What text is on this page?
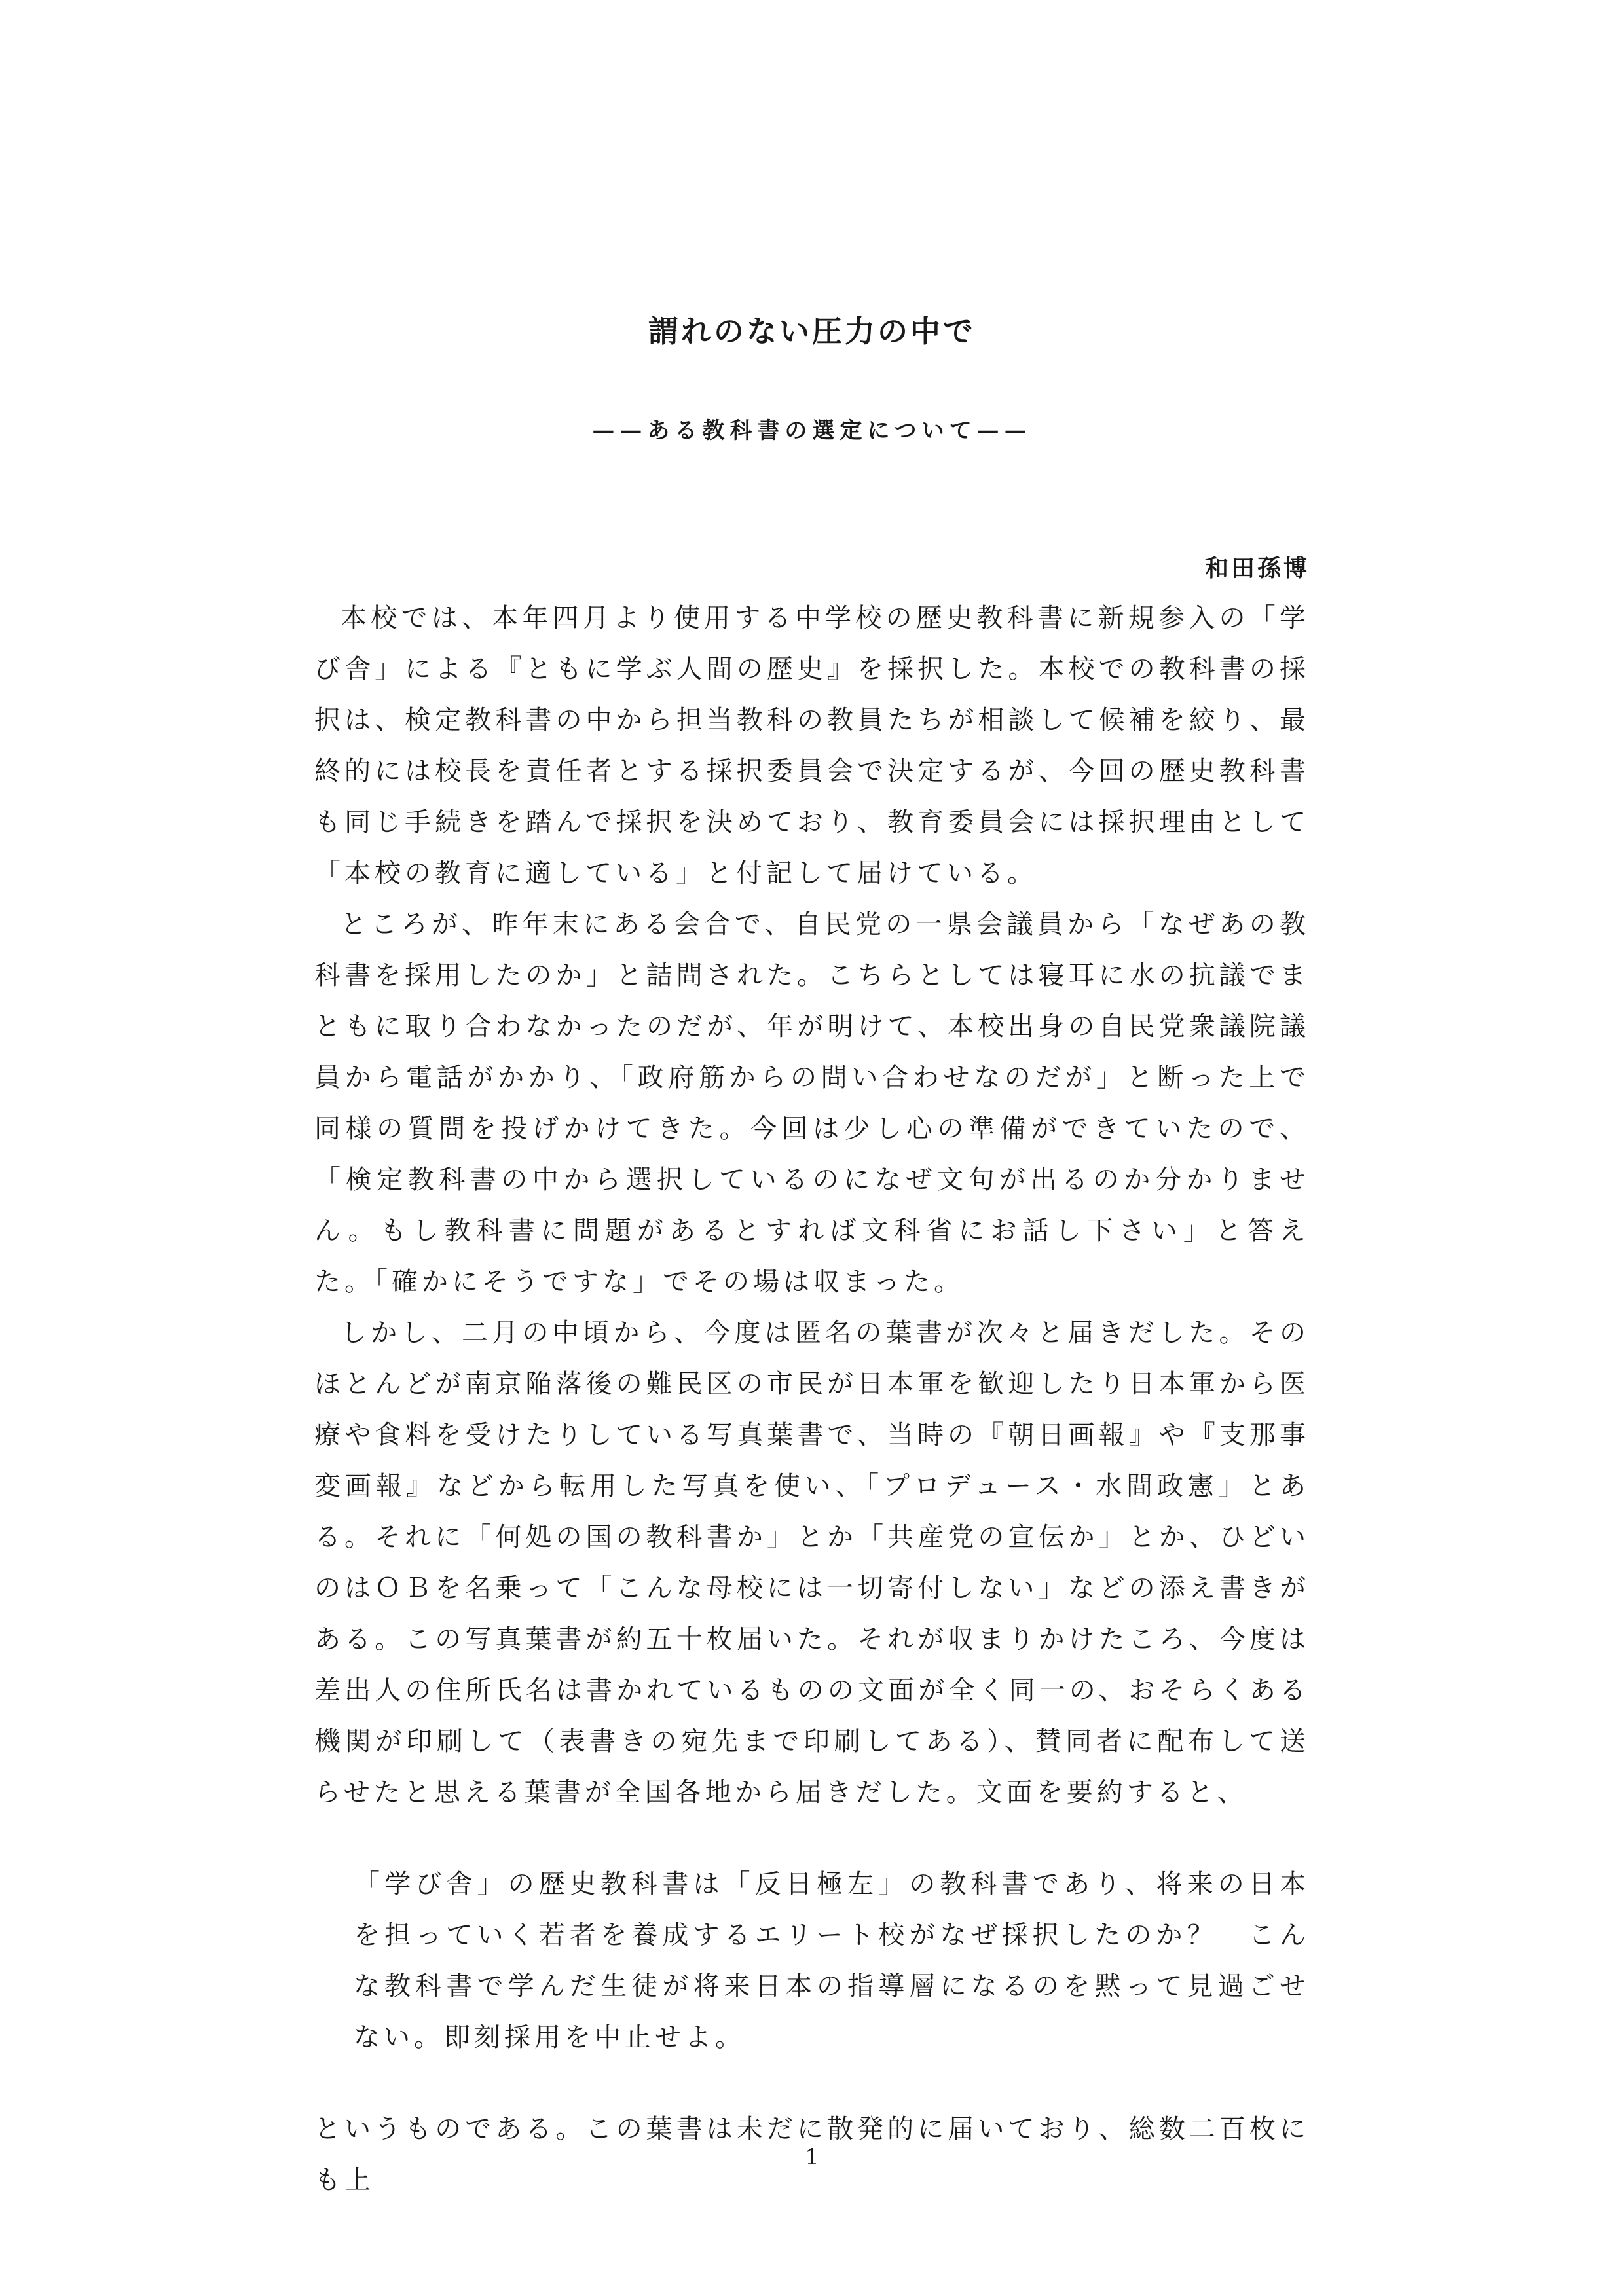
謂れのない圧力の中で
——ある教科書の選定について——

和田孫博

本校では、本年四月より使用する中学校の歴史教科書に新規参入の「学び舎」による『ともに学ぶ人間の歴史』を採択した。本校での教科書の採択は、検定教科書の中から担当教科の教員たちが相談して候補を絞り、最終的には校長を責任者とする採択委員会で決定するが、今回の歴史教科書も同じ手続きを踏んで採択を決めており、教育委員会には採択理由として「本校の教育に適している」と付記して届けている。

ところが、昨年末にある会合で、自民党の一県会議員から「なぜあの教科書を採用したのか」と詰問された。こちらとしては寝耳に水の抗議でまともに取り合わなかったのだが、年が明けて、本校出身の自民党衆議院議員から電話がかかり、「政府筋からの問い合わせなのだが」と断った上で同様の質問を投げかけてきた。今回は少し心の準備ができていたので、「検定教科書の中から選択しているのになぜ文句が出るのか分かりません。もし教科書に問題があるとすれば文科省にお話し下さい」と答えた。「確かにそうですな」でその場は収まった。

しかし、二月の中頃から、今度は匿名の葉書が次々と届きだした。そのほとんどが南京陥落後の難民区の市民が日本軍を歓迎したり日本軍から医療や食料を受けたりしている写真葉書で、当時の『朝日画報』や『支那事変画報』などから転用した写真を使い、「プロデュース・水間政憲」とある。それに「何処の国の教科書か」とか「共産党の宣伝か」とか、ひどいのはＯＢを名乗って「こんな母校には一切寄付しない」などの添え書きがある。この写真葉書が約五十枚届いた。それが収まりかけたころ、今度は差出人の住所氏名は書かれているものの文面が全く同一の、おそらくある機関が印刷して（表書きの宛先まで印刷してある）、賛同者に配布して送らせたと思える葉書が全国各地から届きだした。文面を要約すると、

「学び舎」の歴史教科書は「反日極左」の教科書であり、将来の日本を担っていく若者を養成するエリート校がなぜ採択したのか？　こんな教科書で学んだ生徒が将来日本の指導層になるのを黙って見過ごせない。即刻採用を中止せよ。

というものである。この葉書は未だに散発的に届いており、総数二百枚にも上

1
